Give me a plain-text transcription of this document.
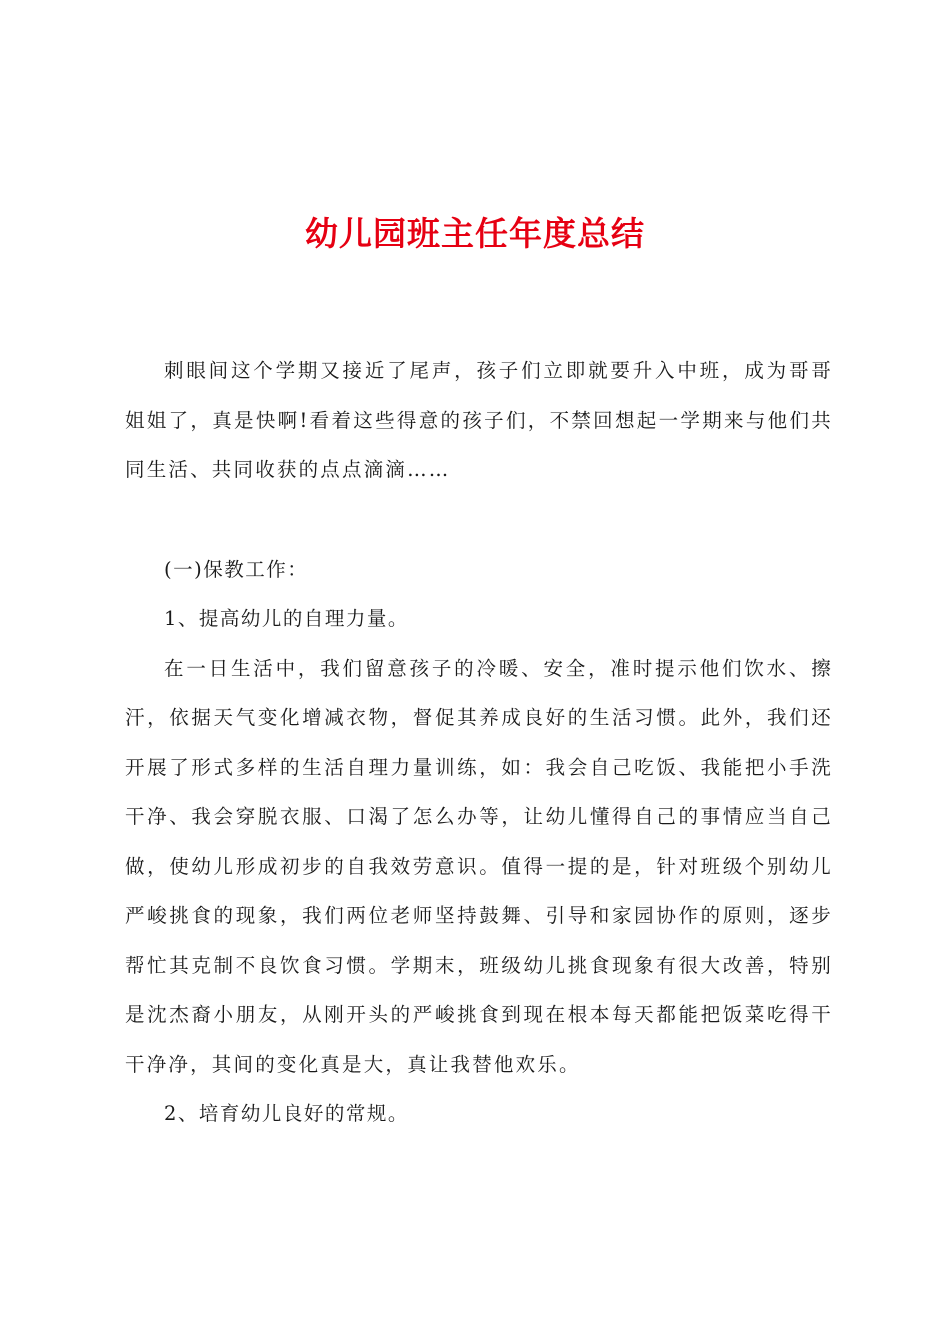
幼儿园班主任年度总结

刺眼间这个学期又接近了尾声，孩子们立即就要升入中班，成为哥哥姐姐了，真是快啊!看着这些得意的孩子们，不禁回想起一学期来与他们共同生活、共同收获的点点滴滴……

(一)保教工作：

1、提高幼儿的自理力量。

在一日生活中，我们留意孩子的冷暖、安全，准时提示他们饮水、擦汗，依据天气变化增减衣物，督促其养成良好的生活习惯。此外，我们还开展了形式多样的生活自理力量训练，如：我会自己吃饭、我能把小手洗干净、我会穿脱衣服、口渴了怎么办等，让幼儿懂得自己的事情应当自己做，使幼儿形成初步的自我效劳意识。值得一提的是，针对班级个别幼儿严峻挑食的现象，我们两位老师坚持鼓舞、引导和家园协作的原则，逐步帮忙其克制不良饮食习惯。学期末，班级幼儿挑食现象有很大改善，特别是沈杰裔小朋友，从刚开头的严峻挑食到现在根本每天都能把饭菜吃得干干净净，其间的变化真是大，真让我替他欢乐。

2、培育幼儿良好的常规。
